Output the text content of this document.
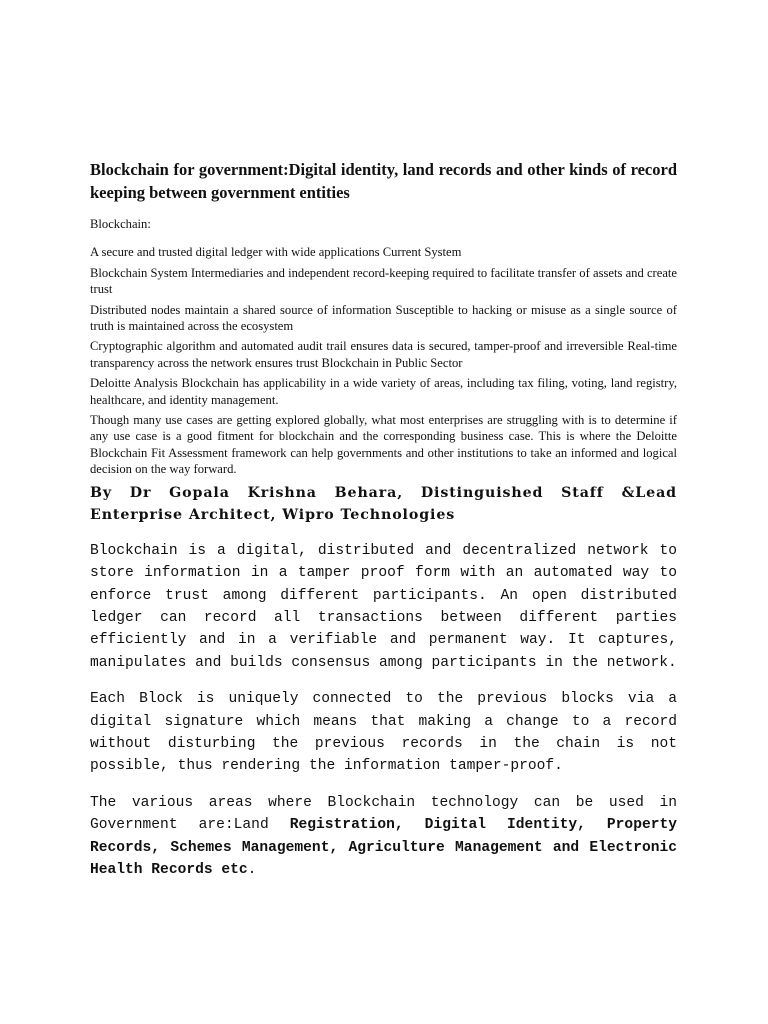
Blockchain for government:Digital identity, land records and other kinds of record keeping between government entities

Blockchain:

A secure and trusted digital ledger with wide applications Current System

Blockchain System Intermediaries and independent record-keeping required to facilitate transfer of assets and create trust

Distributed nodes maintain a shared source of information Susceptible to hacking or misuse as a single source of truth is maintained across the ecosystem

Cryptographic algorithm and automated audit trail ensures data is secured, tamper-proof and irreversible Real-time transparency across the network ensures trust Blockchain in Public Sector

Deloitte Analysis Blockchain has applicability in a wide variety of areas, including tax filing, voting, land registry, healthcare, and identity management.

Though many use cases are getting explored globally, what most enterprises are struggling with is to determine if any use case is a good fitment for blockchain and the corresponding business case. This is where the Deloitte Blockchain Fit Assessment framework can help governments and other institutions to take an informed and logical decision on the way forward.

By Dr Gopala Krishna Behara, Distinguished Staff &Lead Enterprise Architect, Wipro Technologies

Blockchain is a digital, distributed and decentralized network to store information in a tamper proof form with an automated way to enforce trust among different participants. An open distributed ledger can record all transactions between different parties efficiently and in a verifiable and permanent way. It captures, manipulates and builds consensus among participants in the network.

Each Block is uniquely connected to the previous blocks via a digital signature which means that making a change to a record without disturbing the previous records in the chain is not possible, thus rendering the information tamper-proof.

The various areas where Blockchain technology can be used in Government are:Land Registration, Digital Identity, Property Records, Schemes Management, Agriculture Management and Electronic Health Records etc.
